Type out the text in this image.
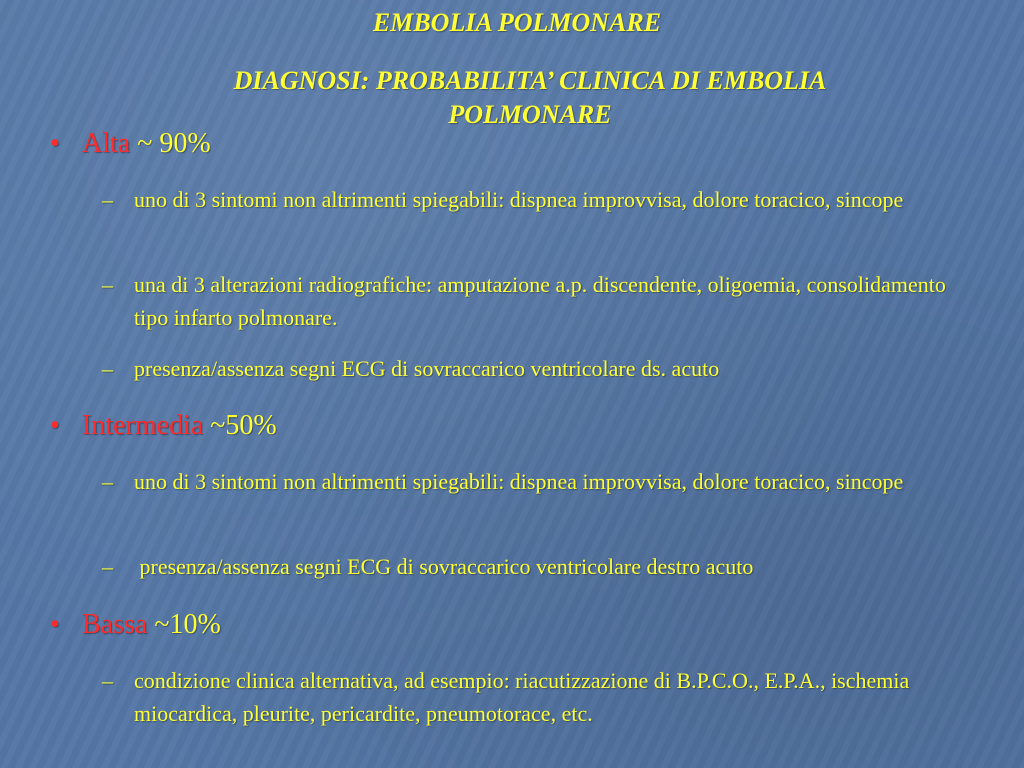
EMBOLIA POLMONARE
DIAGNOSI: PROBABILITA’ CLINICA DI EMBOLIA POLMONARE
• Alta ~ 90%
– uno di 3 sintomi non altrimenti spiegabili: dispnea improvvisa, dolore toracico, sincope
– una di 3 alterazioni radiografiche: amputazione a.p. discendente, oligoemia, consolidamento tipo infarto polmonare.
– presenza/assenza segni ECG di sovraccarico ventricolare ds. acuto
• Intermedia ~50%
– uno di 3 sintomi non altrimenti spiegabili: dispnea improvvisa, dolore toracico, sincope
– presenza/assenza segni ECG di sovraccarico ventricolare destro acuto
• Bassa ~10%
– condizione clinica alternativa, ad esempio: riacutizzazione di B.P.C.O., E.P.A., ischemia miocardica, pleurite, pericardite, pneumotorace, etc.
